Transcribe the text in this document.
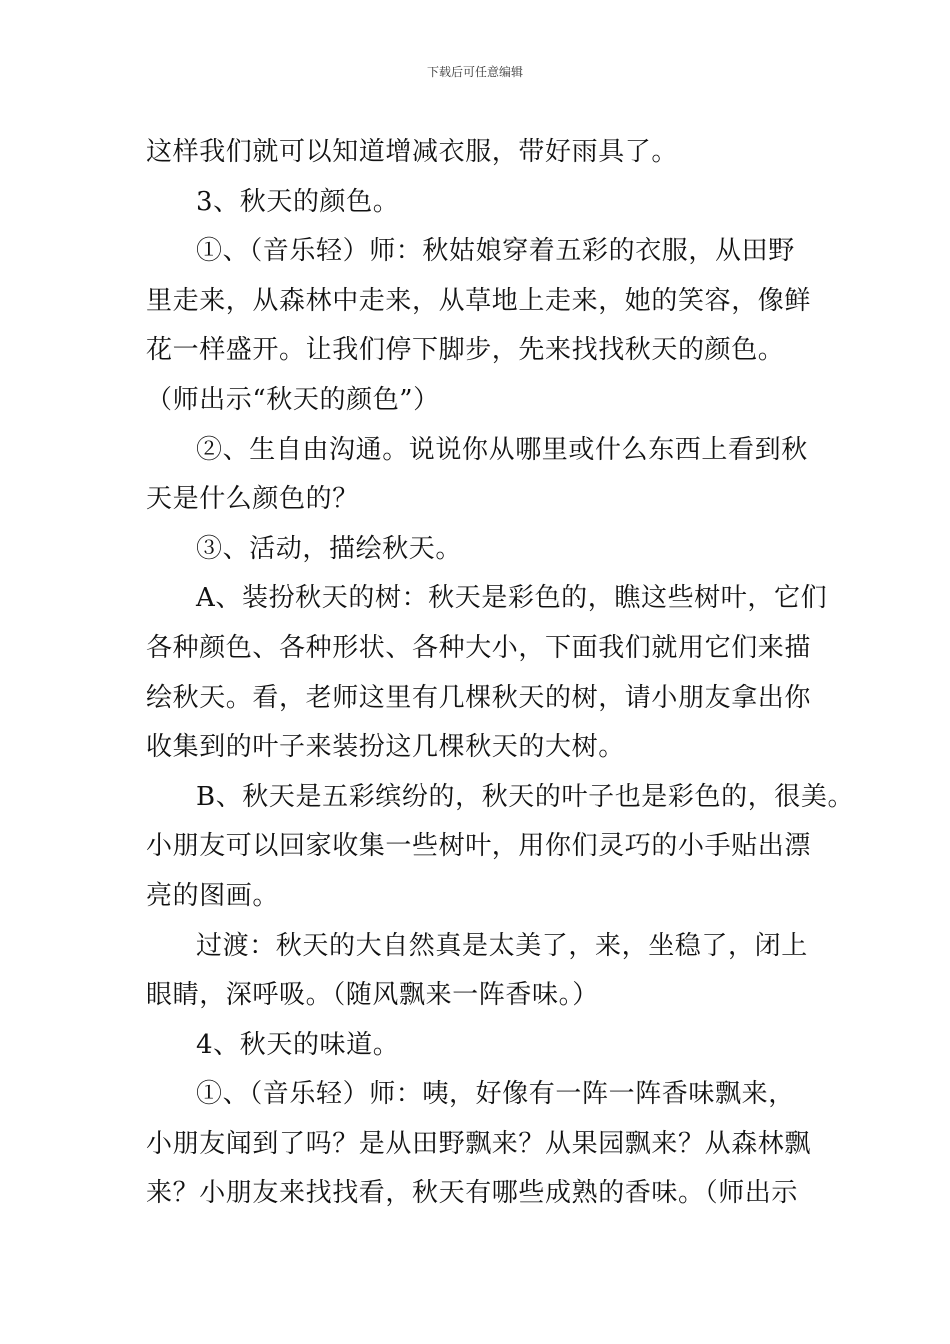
下载后可任意编辑
这样我们就可以知道增减衣服，带好雨具了。
3、秋天的颜色。
①、（音乐轻）师：秋姑娘穿着五彩的衣服，从田野
里走来，从森林中走来，从草地上走来，她的笑容，像鲜
花一样盛开。让我们停下脚步，先来找找秋天的颜色。
（师出示“秋天的颜色”）
②、生自由沟通。说说你从哪里或什么东西上看到秋
天是什么颜色的？
③、活动，描绘秋天。
A、装扮秋天的树：秋天是彩色的，瞧这些树叶，它们
各种颜色、各种形状、各种大小，下面我们就用它们来描
绘秋天。看，老师这里有几棵秋天的树，请小朋友拿出你
收集到的叶子来装扮这几棵秋天的大树。
B、秋天是五彩缤纷的，秋天的叶子也是彩色的，很美。
小朋友可以回家收集一些树叶，用你们灵巧的小手贴出漂
亮的图画。
过渡：秋天的大自然真是太美了，来，坐稳了，闭上
眼睛，深呼吸。（随风飘来一阵香味。）
4、秋天的味道。
①、（音乐轻）师：咦，好像有一阵一阵香味飘来，
小朋友闻到了吗？是从田野飘来？从果园飘来？从森林飘
来？小朋友来找找看，秋天有哪些成熟的香味。（师出示
